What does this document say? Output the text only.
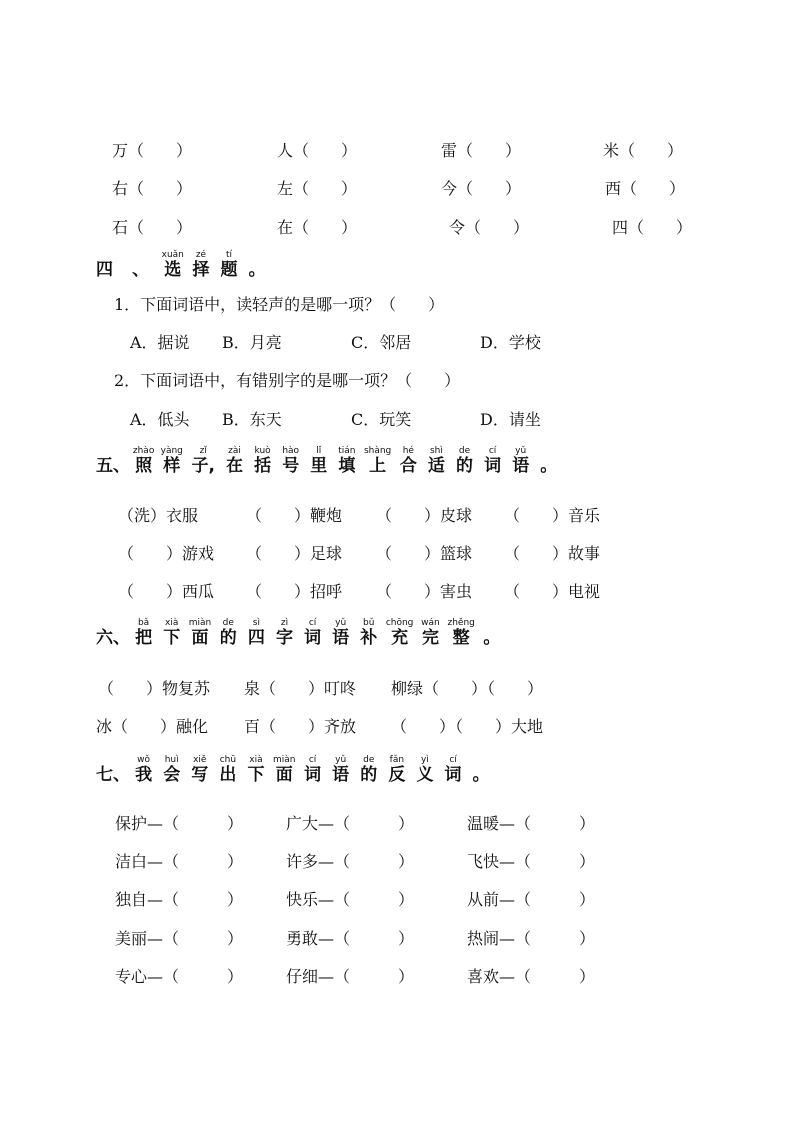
万（　　）	人（　　）	雷（　　）	米（　　）
右（　　）	左（　　）	今（　　）	西（　　）
石（　　）	在（　　）	令（　　）	四（　　）
四 、 选xuǎn 择zé 题tí 。
1．下面词语中，读轻声的是哪一项？（　　）
A．据说 B．月亮	C．邻居	D．学校
2．下面词语中，有错别字的是哪一项？（　　）
A．低头 B．东天	C．玩笑	D．请坐
五、 照zhào 样yàng 子,zǐ 在zài 括kuò 号hào 里lǐ 填tián 上shàng 合hé 适shì 的de 词cí 语yǔ 。
（洗）衣服	（　　）鞭炮 （　　）皮球 （　　）音乐
（　　）游戏 （　　）足球 （　　）篮球 （　　）故事
（　　）西瓜 （　　）招呼 （　　）害虫 （　　）电视
六、 把bǎ 下xià 面miàn 的de 四sì 字zì 词cí 语yǔ 补bǔ 充chōng 完wán 整zhěng 。
（　　）物复苏 泉（　　）叮咚 柳绿（　　）（　　）
冰（　　）融化 百（　　）齐放 （　　）（　　）大地
七、 我wǒ 会huì 写xiě 出chū 下xià 面miàn 词cí 语yǔ 的de 反fǎn 义yì 词cí 。
保护—（　　　）	广大—（　　　）	温暖—（　　　）
洁白—（　　　）	许多—（　　　）	飞快—（　　　）
独自—（　　　）	快乐—（　　　）	从前—（　　　）
美丽—（　　　）	勇敢—（　　　）	热闹—（　　　）
专心—（　　　）	仔细—（　　　）	喜欢—（　　　）
